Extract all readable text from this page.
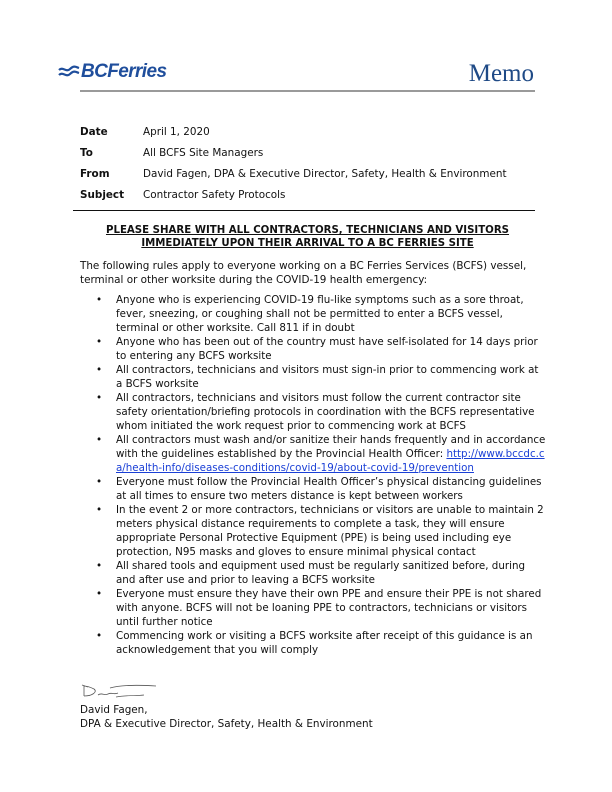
BCFerries	Memo
Date	April 1, 2020
To	All BCFS Site Managers
From	David Fagen, DPA & Executive Director, Safety, Health & Environment
Subject	Contractor Safety Protocols
PLEASE SHARE WITH ALL CONTRACTORS, TECHNICIANS AND VISITORS
IMMEDIATELY UPON THEIR ARRIVAL TO A BC FERRIES SITE
The following rules apply to everyone working on a BC Ferries Services (BCFS) vessel, terminal or other worksite during the COVID-19 health emergency:
• Anyone who is experiencing COVID-19 flu-like symptoms such as a sore throat, fever, sneezing, or coughing shall not be permitted to enter a BCFS vessel, terminal or other worksite. Call 811 if in doubt
• Anyone who has been out of the country must have self-isolated for 14 days prior to entering any BCFS worksite
• All contractors, technicians and visitors must sign-in prior to commencing work at a BCFS worksite
• All contractors, technicians and visitors must follow the current contractor site safety orientation/briefing protocols in coordination with the BCFS representative whom initiated the work request prior to commencing work at BCFS
• All contractors must wash and/or sanitize their hands frequently and in accordance with the guidelines established by the Provincial Health Officer: http://www.bccdc.ca/health-info/diseases-conditions/covid-19/about-covid-19/prevention
• Everyone must follow the Provincial Health Officer’s physical distancing guidelines at all times to ensure two meters distance is kept between workers
• In the event 2 or more contractors, technicians or visitors are unable to maintain 2 meters physical distance requirements to complete a task, they will ensure appropriate Personal Protective Equipment (PPE) is being used including eye protection, N95 masks and gloves to ensure minimal physical contact
• All shared tools and equipment used must be regularly sanitized before, during and after use and prior to leaving a BCFS worksite
• Everyone must ensure they have their own PPE and ensure their PPE is not shared with anyone. BCFS will not be loaning PPE to contractors, technicians or visitors until further notice
• Commencing work or visiting a BCFS worksite after receipt of this guidance is an acknowledgement that you will comply
David Fagen,
DPA & Executive Director, Safety, Health & Environment
